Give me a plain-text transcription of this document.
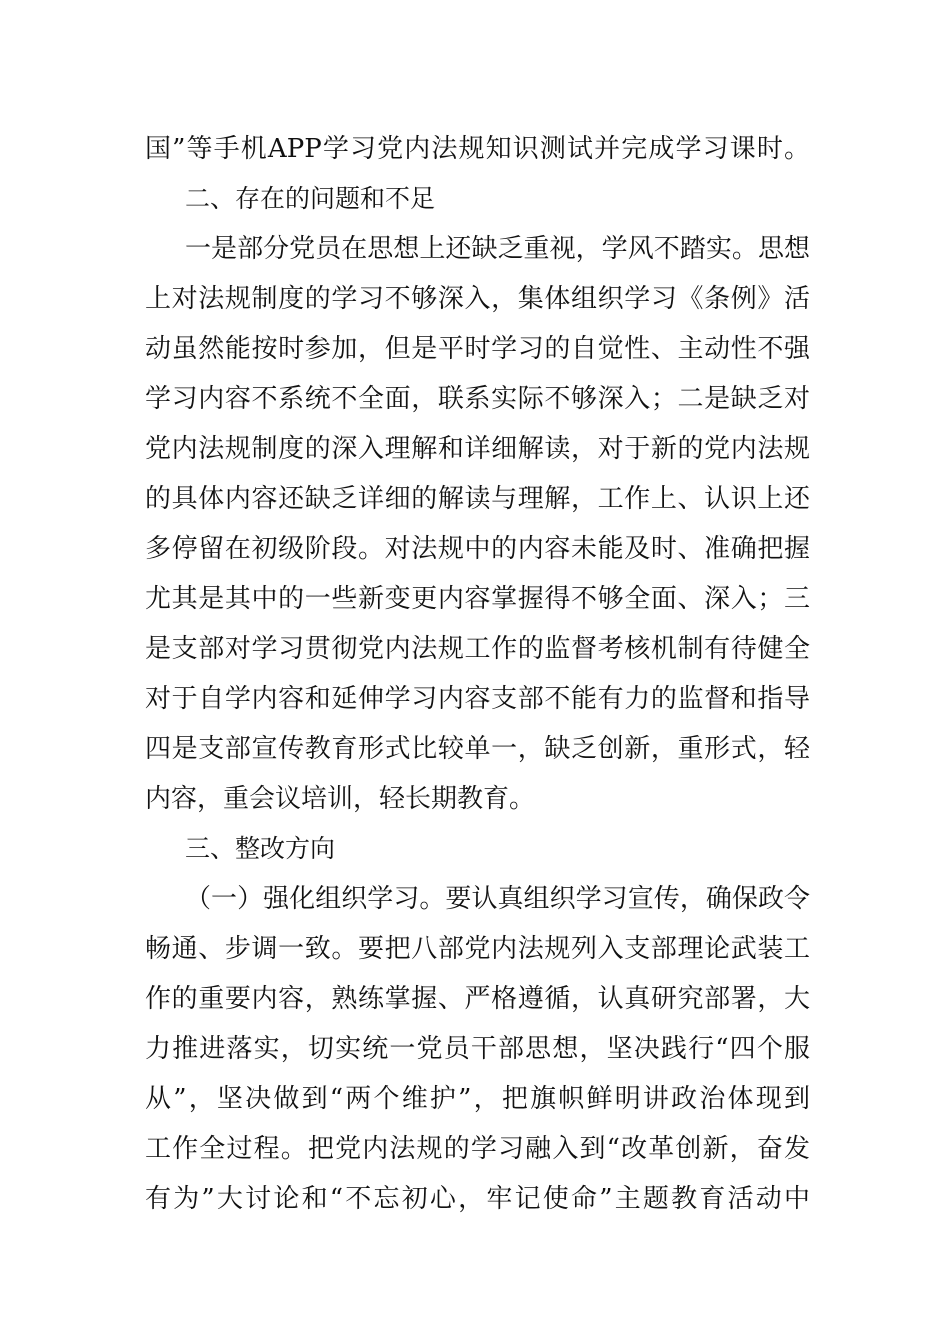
国”等手机APP学习党内法规知识测试并完成学习课时。
二、存在的问题和不足
一是部分党员在思想上还缺乏重视，学风不踏实。思想
上对法规制度的学习不够深入，集体组织学习《条例》活
动虽然能按时参加，但是平时学习的自觉性、主动性不强
学习内容不系统不全面，联系实际不够深入；二是缺乏对
党内法规制度的深入理解和详细解读，对于新的党内法规
的具体内容还缺乏详细的解读与理解，工作上、认识上还
多停留在初级阶段。对法规中的内容未能及时、准确把握
尤其是其中的一些新变更内容掌握得不够全面、深入；三
是支部对学习贯彻党内法规工作的监督考核机制有待健全
对于自学内容和延伸学习内容支部不能有力的监督和指导
四是支部宣传教育形式比较单一，缺乏创新，重形式，轻
内容，重会议培训，轻长期教育。
三、整改方向
（一）强化组织学习。要认真组织学习宣传，确保政令
畅通、步调一致。要把八部党内法规列入支部理论武装工
作的重要内容，熟练掌握、严格遵循，认真研究部署，大
力推进落实，切实统一党员干部思想，坚决践行“四个服
从”，坚决做到“两个维护”，把旗帜鲜明讲政治体现到
工作全过程。把党内法规的学习融入到“改革创新，奋发
有为”大讨论和“不忘初心，牢记使命”主题教育活动中
